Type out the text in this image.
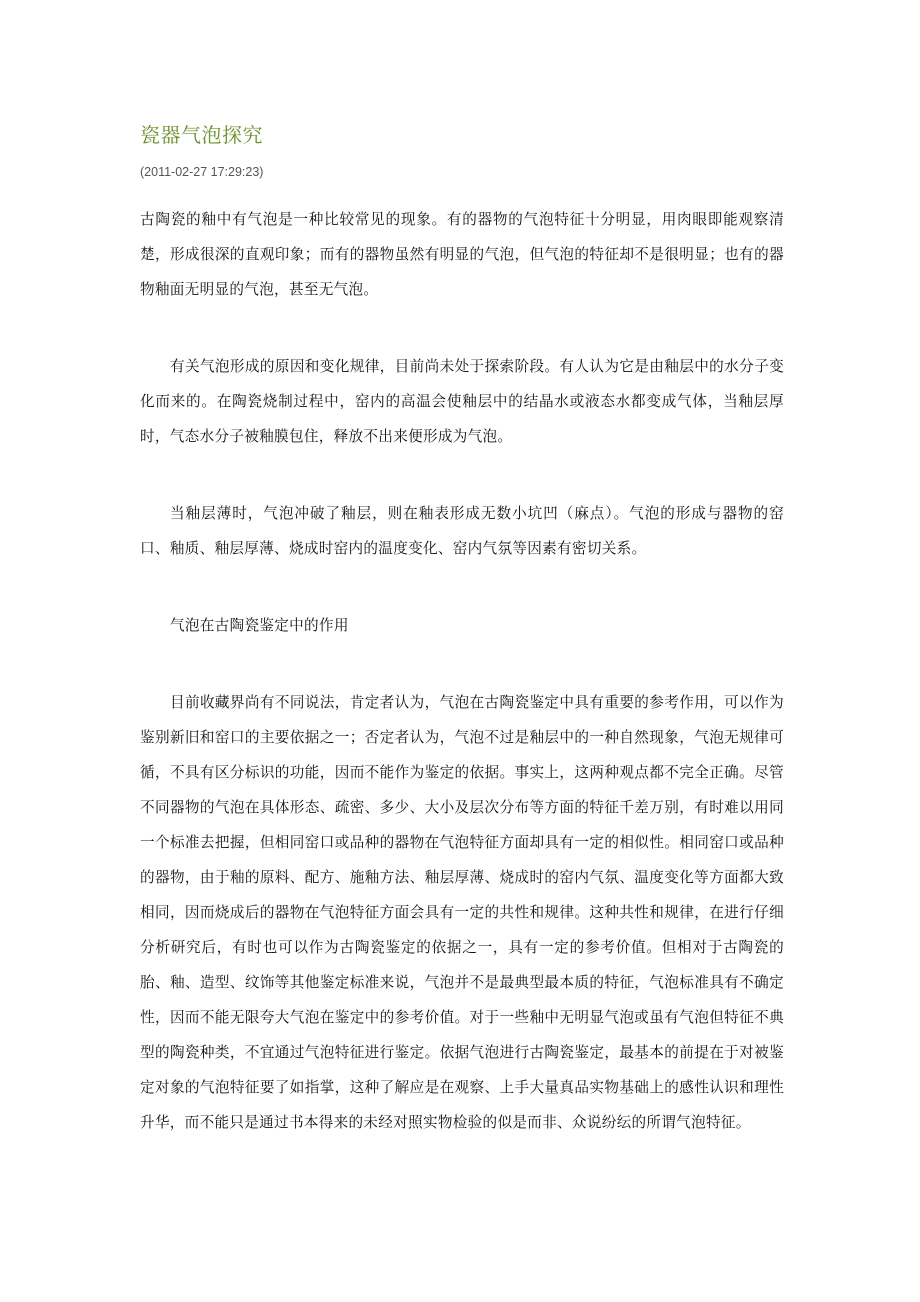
瓷器气泡探究
(2011-02-27 17:29:23)

古陶瓷的釉中有气泡是一种比较常见的现象。有的器物的气泡特征十分明显，用肉眼即能观察清楚，形成很深的直观印象；而有的器物虽然有明显的气泡，但气泡的特征却不是很明显；也有的器物釉面无明显的气泡，甚至无气泡。

有关气泡形成的原因和变化规律，目前尚未处于探索阶段。有人认为它是由釉层中的水分子变化而来的。在陶瓷烧制过程中，窑内的高温会使釉层中的结晶水或液态水都变成气体，当釉层厚时，气态水分子被釉膜包住，释放不出来便形成为气泡。

当釉层薄时，气泡冲破了釉层，则在釉表形成无数小坑凹（麻点）。气泡的形成与器物的窑口、釉质、釉层厚薄、烧成时窑内的温度变化、窑内气氛等因素有密切关系。

气泡在古陶瓷鉴定中的作用

目前收藏界尚有不同说法，肯定者认为，气泡在古陶瓷鉴定中具有重要的参考作用，可以作为鉴别新旧和窑口的主要依据之一；否定者认为，气泡不过是釉层中的一种自然现象，气泡无规律可循，不具有区分标识的功能，因而不能作为鉴定的依据。事实上，这两种观点都不完全正确。尽管不同器物的气泡在具体形态、疏密、多少、大小及层次分布等方面的特征千差万别，有时难以用同一个标准去把握，但相同窑口或品种的器物在气泡特征方面却具有一定的相似性。相同窑口或品种的器物，由于釉的原料、配方、施釉方法、釉层厚薄、烧成时的窑内气氛、温度变化等方面都大致相同，因而烧成后的器物在气泡特征方面会具有一定的共性和规律。这种共性和规律，在进行仔细分析研究后，有时也可以作为古陶瓷鉴定的依据之一，具有一定的参考价值。但相对于古陶瓷的胎、釉、造型、纹饰等其他鉴定标准来说，气泡并不是最典型最本质的特征，气泡标准具有不确定性，因而不能无限夸大气泡在鉴定中的参考价值。对于一些釉中无明显气泡或虽有气泡但特征不典型的陶瓷种类，不宜通过气泡特征进行鉴定。依据气泡进行古陶瓷鉴定，最基本的前提在于对被鉴定对象的气泡特征要了如指掌，这种了解应是在观察、上手大量真品实物基础上的感性认识和理性升华，而不能只是通过书本得来的未经对照实物检验的似是而非、众说纷纭的所谓气泡特征。
